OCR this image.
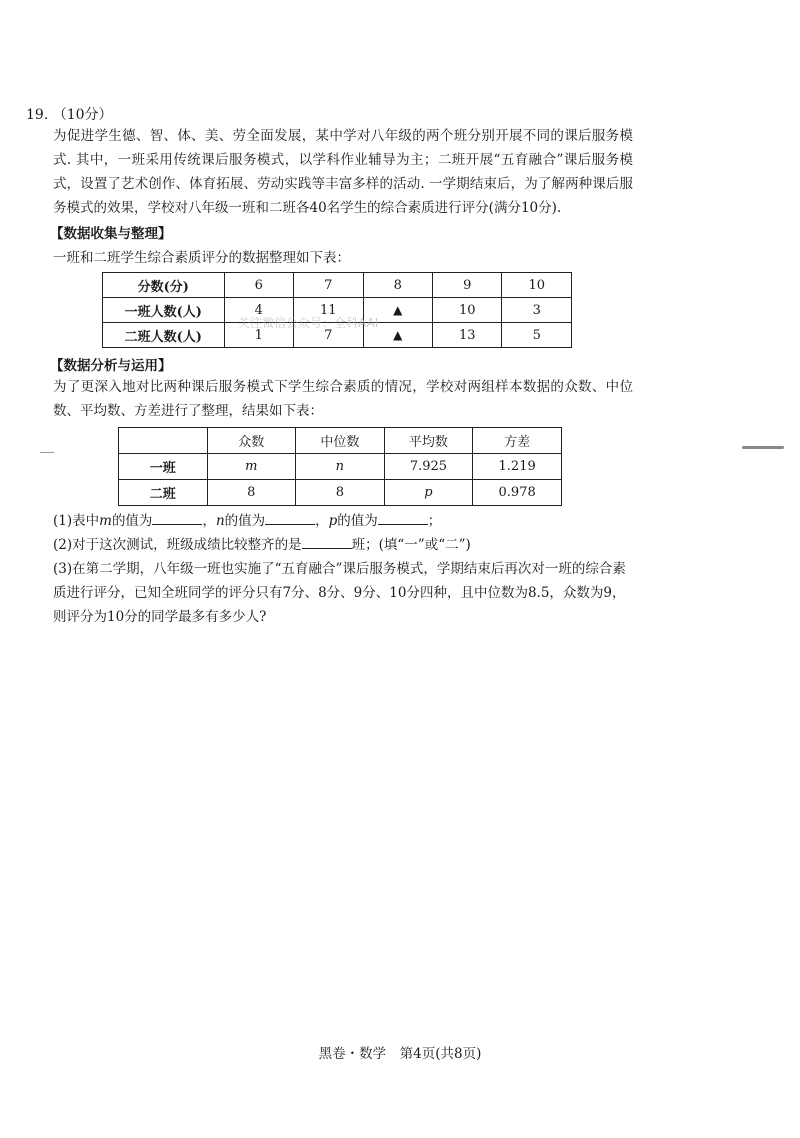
19. （10分）
为促进学生德、智、体、美、劳全面发展，某中学对八年级的两个班分别开展不同的课后服务模式. 其中，一班采用传统课后服务模式，以学科作业辅导为主；二班开展“五育融合”课后服务模式，设置了艺术创作、体育拓展、劳动实践等丰富多样的活动. 一学期结束后，为了解两种课后服务模式的效果，学校对八年级一班和二班各40名学生的综合素质进行评分(满分10分).
【数据收集与整理】
一班和二班学生综合素质评分的数据整理如下表：
分数(分)	6	7	8	9	10
一班人数(人)	4	11	▲	10	3
二班人数(人)	1	7	▲	13	5
关注微信公众号：全科AAI
【数据分析与运用】
为了更深入地对比两种课后服务模式下学生综合素质的情况，学校对两组样本数据的众数、中位数、平均数、方差进行了整理，结果如下表：
	众数	中位数	平均数	方差
一班	m	n	7.925	1.219
二班	8	8	p	0.978
(1)表中m的值为	，n的值为	，p的值为	；
(2)对于这次测试，班级成绩比较整齐的是	班；(填“一”或“二”)
(3)在第二学期，八年级一班也实施了“五育融合”课后服务模式，学期结束后再次对一班的综合素质进行评分，已知全班同学的评分只有7分、8分、9分、10分四种，且中位数为8.5，众数为9，则评分为10分的同学最多有多少人?
黑卷・数学　第4页(共8页)
